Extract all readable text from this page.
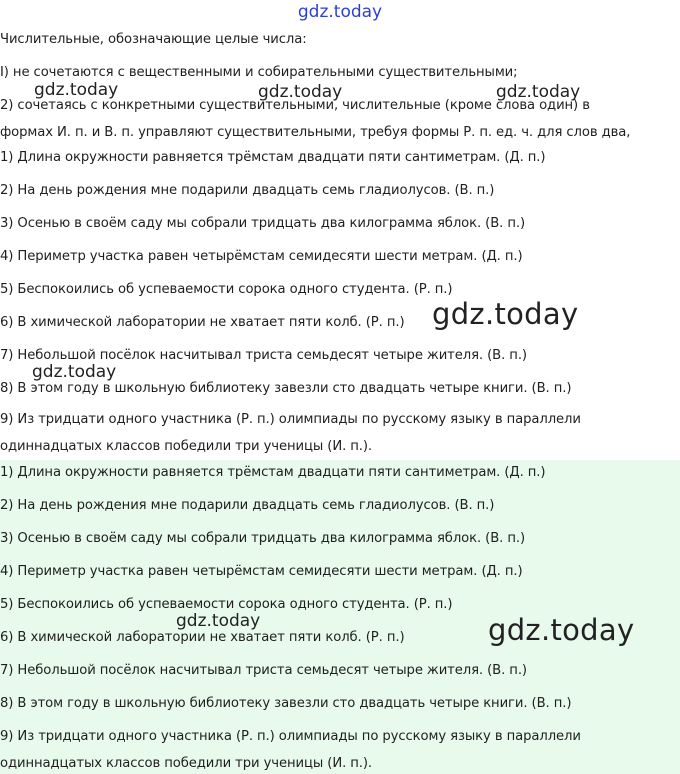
gdz.today
Числительные, обозначающие целые числа:
I) не сочетаются с вещественными и собирательными существительными;
2) сочетаясь с конкретными существительными, числительные (кроме слова один) в
формах И. п. и В. п. управляют существительными, требуя формы Р. п. ед. ч. для слов два,
1) Длина окружности равняется трёмстам двадцати пяти сантиметрам. (Д. п.)
2) На день рождения мне подарили двадцать семь гладиолусов. (В. п.)
3) Осенью в своём саду мы собрали тридцать два килограмма яблок. (В. п.)
4) Периметр участка равен четырёмстам семидесяти шести метрам. (Д. п.)
5) Беспокоились об успеваемости сорока одного студента. (Р. п.)
6) В химической лаборатории не хватает пяти колб. (Р. п.)
7) Небольшой посёлок насчитывал триста семьдесят четыре жителя. (В. п.)
8) В этом году в школьную библиотеку завезли сто двадцать четыре книги. (В. п.)
9) Из тридцати одного участника (Р. п.) олимпиады по русскому языку в параллели
одиннадцатых классов победили три ученицы (И. п.).
1) Длина окружности равняется трёмстам двадцати пяти сантиметрам. (Д. п.)
2) На день рождения мне подарили двадцать семь гладиолусов. (В. п.)
3) Осенью в своём саду мы собрали тридцать два килограмма яблок. (В. п.)
4) Периметр участка равен четырёмстам семидесяти шести метрам. (Д. п.)
5) Беспокоились об успеваемости сорока одного студента. (Р. п.)
6) В химической лаборатории не хватает пяти колб. (Р. п.)
7) Небольшой посёлок насчитывал триста семьдесят четыре жителя. (В. п.)
8) В этом году в школьную библиотеку завезли сто двадцать четыре книги. (В. п.)
9) Из тридцати одного участника (Р. п.) олимпиады по русскому языку в параллели
одиннадцатых классов победили три ученицы (И. п.).
gdz.today	gdz.today	gdz.today
gdz.today
gdz.today
gdz.today	gdz.today
